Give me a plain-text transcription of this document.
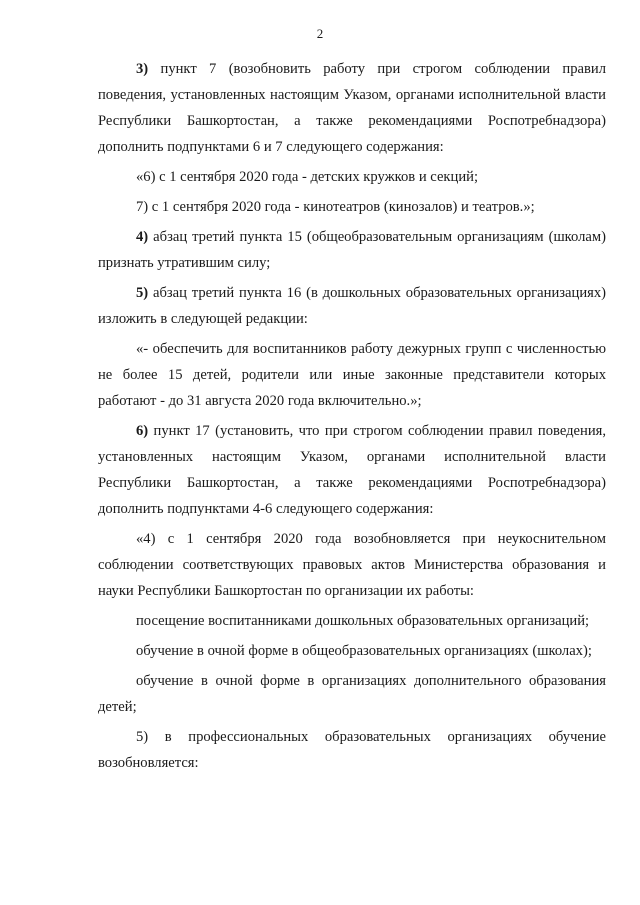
2

3) пункт 7 (возобновить работу при строгом соблюдении правил поведения, установленных настоящим Указом, органами исполнительной власти Республики Башкортостан, а также рекомендациями Роспотребнадзора) дополнить подпунктами 6 и 7 следующего содержания:

«6) с 1 сентября 2020 года - детских кружков и секций;

7) с 1 сентября 2020 года - кинотеатров (кинозалов) и театров.»;

4) абзац третий пункта 15 (общеобразовательным организациям (школам) признать утратившим силу;

5) абзац третий пункта 16 (в дошкольных образовательных организациях) изложить в следующей редакции:

«- обеспечить для воспитанников работу дежурных групп с численностью не более 15 детей, родители или иные законные представители которых работают - до 31 августа 2020 года включительно.»;

6) пункт 17 (установить, что при строгом соблюдении правил поведения, установленных настоящим Указом, органами исполнительной власти Республики Башкортостан, а также рекомендациями Роспотребнадзора) дополнить подпунктами 4-6 следующего содержания:

«4) с 1 сентября 2020 года возобновляется при неукоснительном соблюдении соответствующих правовых актов Министерства образования и науки Республики Башкортостан по организации их работы:

посещение воспитанниками дошкольных образовательных организаций;

обучение в очной форме в общеобразовательных организациях (школах);

обучение в очной форме в организациях дополнительного образования детей;

5) в профессиональных образовательных организациях обучение возобновляется:
